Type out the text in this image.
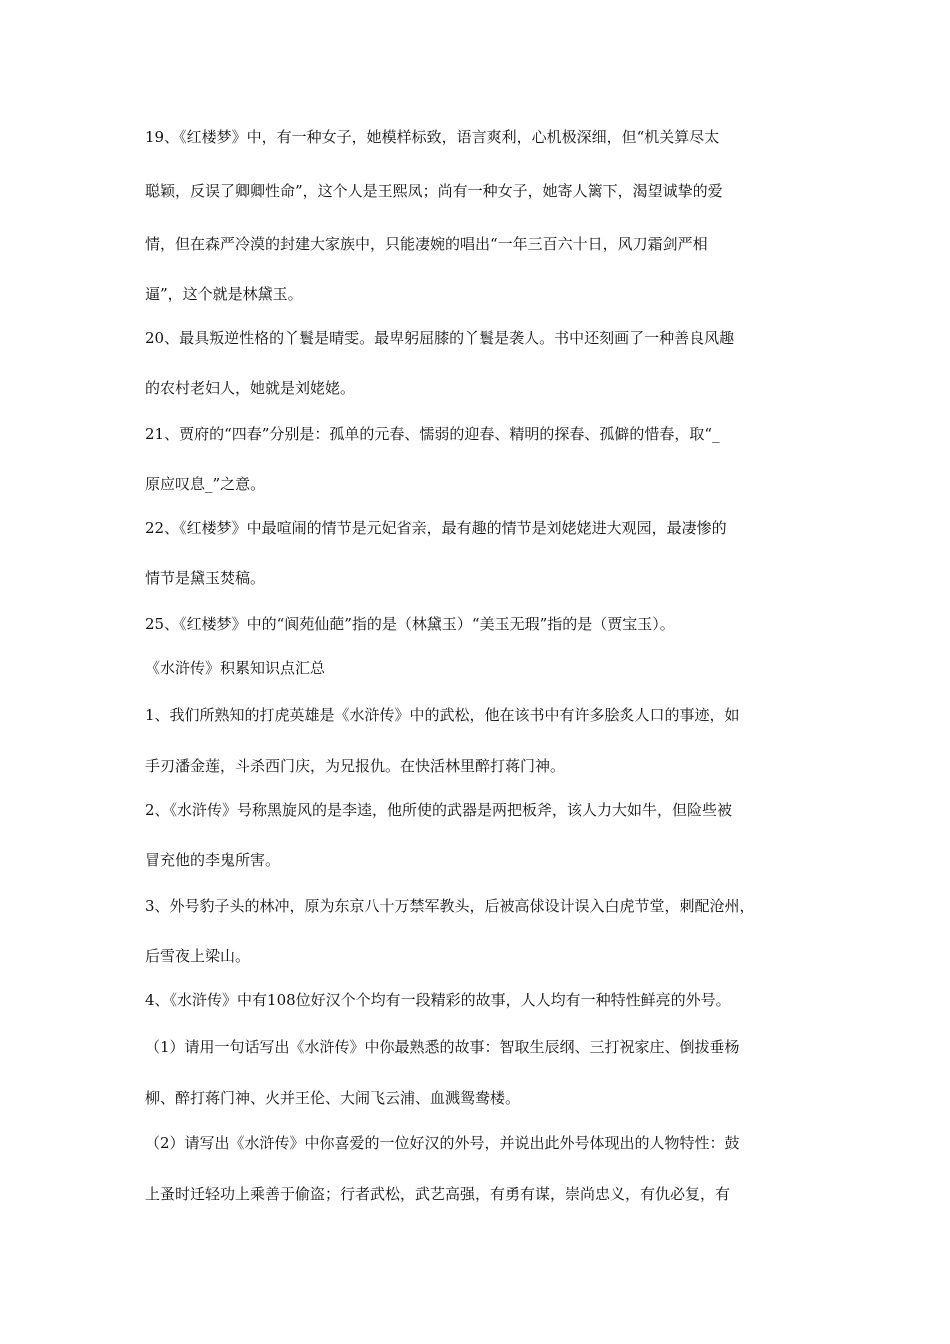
19、《红楼梦》中，有一种女子，她模样标致，语言爽利，心机极深细，但“机关算尽太
聪颖，反误了卿卿性命”，这个人是王熙凤；尚有一种女子，她寄人篱下，渴望诚挚的爱
情，但在森严冷漠的封建大家族中，只能凄婉的唱出“一年三百六十日，风刀霜剑严相
逼”，这个就是林黛玉。
20、最具叛逆性格的丫鬟是晴雯。最卑躬屈膝的丫鬟是袭人。书中还刻画了一种善良风趣
的农村老妇人，她就是刘姥姥。
21、贾府的“四春”分别是：孤单的元春、懦弱的迎春、精明的探春、孤僻的惜春，取“_
原应叹息_”之意。
22、《红楼梦》中最喧闹的情节是元妃省亲，最有趣的情节是刘姥姥进大观园，最凄惨的
情节是黛玉焚稿。
25、《红楼梦》中的“阆苑仙葩”指的是（林黛玉）“美玉无瑕”指的是（贾宝玉）。
《水浒传》积累知识点汇总
1、我们所熟知的打虎英雄是《水浒传》中的武松，他在该书中有许多脍炙人口的事迹，如
手刃潘金莲，斗杀西门庆，为兄报仇。在快活林里醉打蒋门神。
2、《水浒传》号称黑旋风的是李逵，他所使的武器是两把板斧，该人力大如牛，但险些被
冒充他的李鬼所害。
3、外号豹子头的林冲，原为东京八十万禁军教头，后被高俅设计误入白虎节堂，刺配沧州，
后雪夜上梁山。
4、《水浒传》中有108位好汉个个均有一段精彩的故事，人人均有一种特性鲜亮的外号。
（1）请用一句话写出《水浒传》中你最熟悉的故事：智取生辰纲、三打祝家庄、倒拔垂杨
柳、醉打蒋门神、火并王伦、大闹飞云浦、血溅鸳鸯楼。
（2）请写出《水浒传》中你喜爱的一位好汉的外号，并说出此外号体现出的人物特性：鼓
上蚤时迁轻功上乘善于偷盗；行者武松，武艺高强，有勇有谋，崇尚忠义，有仇必复，有
